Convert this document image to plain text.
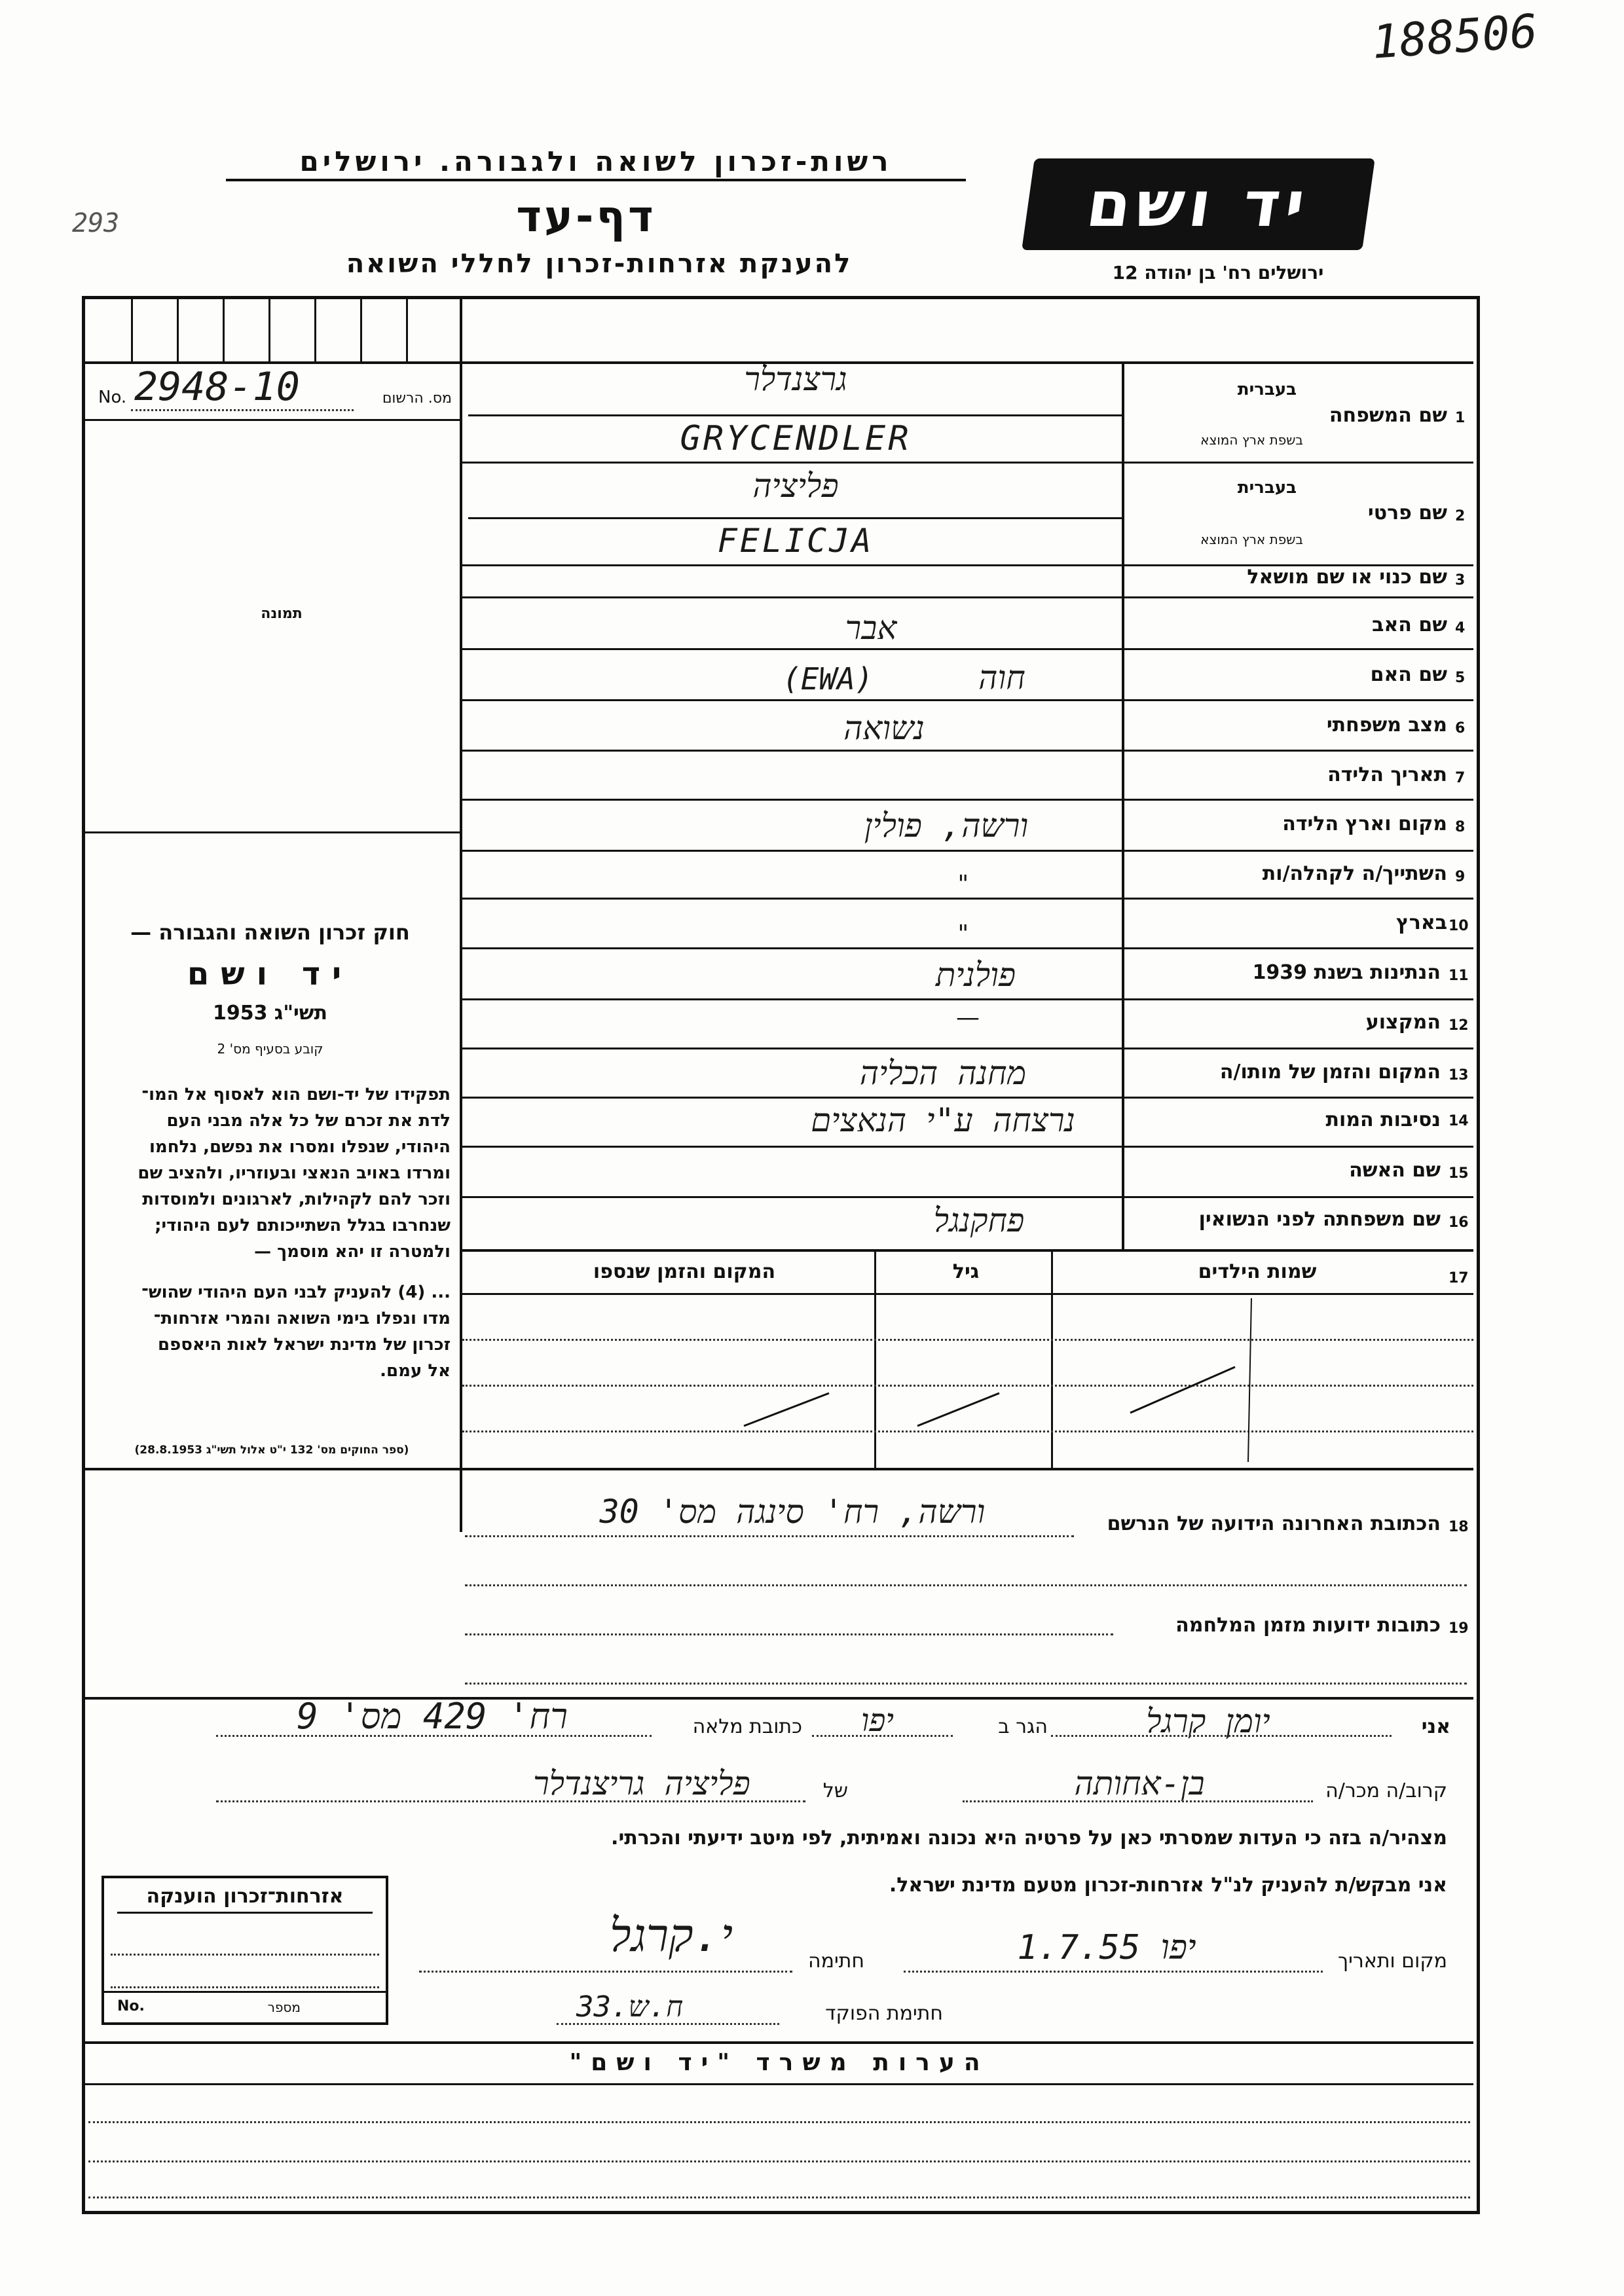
188506
293
רשות-זכרון לשואה ולגבורה. ירושלים
דף-עד
להענקת אזרחות-זכרון לחללי השואה
יד ושם
ירושלים רח' בן יהודה 12
No. 2948-10	מס. הרשום
תמונה
חוק זכרון השואה והגבורה —
יד ושם
תשי"ג 1953
קובע בסעיף מס' 2
תפקידו של יד-ושם הוא לאסוף אל המו־
לדת את זכרם של כל אלה מבני העם
היהודי, שנפלו ומסרו את נפשם, נלחמו
ומרדו באויב הנאצי ובעוזריו, ולהציב שם
וזכר להם לקהילות, לארגונים ולמוסדות
שנחרבו בגלל השתייכותם לעם היהודי;
ולמטרה זו יהא מוסמך —
... (4) להעניק לבני העם היהודי שהוש־
מדו ונפלו בימי השואה והמרי אזרחות־
זכרון של מדינת ישראל לאות היאספם
אל עמם.
(ספר החוקים מס' 132 י"ט אלול תשי"ג 28.8.1953)
שם המשפחה 1
בעברית
בשפת ארץ המוצא
גרצנדלר
GRYCENDLER
שם פרטי 2
בעברית
בשפת ארץ המוצא
פליציה
FELICJA
שם כנוי או שם מושאל 3
שם האב 4
אבר
שם האם 5
חוה
(EWA)
מצב משפחתי 6
נשואה
תאריך הלידה 7
מקום וארץ הלידה 8
ורשה, פולין
השתייך/ה לקהלה/ות 9
"
בארץ 10
"
הנתינות בשנת 1939 11
פולנית
המקצוע 12
—
המקום והזמן של מותו/ה 13
מחנה הכליה
נסיבות המות 14
נרצחה ע"י הנאצים
שם האשה 15
שם משפחתה לפני הנשואין 16
פחקנגל
17
שמות הילדים
גיל
המקום והזמן שנספו
18
הכתובת האחרונה הידועה של הנרשם
ורשה, רח' סינגה מס' 30
19
כתובות ידועות מזמן המלחמה
אני
יומן קרגל
הגר ב
יפו
כתובת מלאה
רח' 429 מס' 9
קרוב/ה מכר/ה
בן-אחותה
של
פליציה גריצנדלר
מצהיר/ה בזה כי העדות שמסרתי כאן על פרטיה היא נכונה ואמיתית, לפי מיטב ידיעתי והכרתי.
אני מבקש/ת להעניק לנ"ל אזרחות-זכרון מטעם מדינת ישראל.
אזרחות־זכרון הוענקה
No.	מספר
מקום ותאריך
יפו 1.7.55
חתימה
י.קרגל
חתימת הפוקד
33.ח.ש
הערות משרד "יד ושם"
